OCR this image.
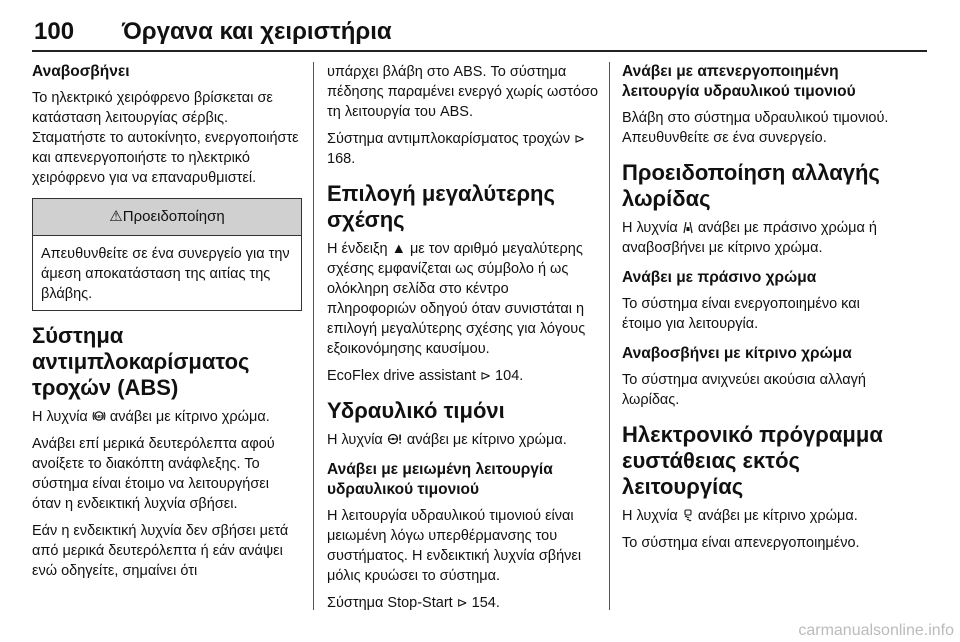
100 Όργανα και χειριστήρια
Αναβοσβήνει

Το ηλεκτρικό χειρόφρενο βρίσκεται σε κατάσταση λειτουργίας σέρβις. Σταματήστε το αυτοκίνητο, ενεργοποιήστε και απενεργοποιήστε το ηλεκτρικό χειρόφρενο για να επαναρυθμιστεί.

⚠Προειδοποίηση
Απευθυνθείτε σε ένα συνεργείο για την άμεση αποκατάσταση της αιτίας της βλάβης.
Σύστημα αντιμπλοκαρίσματος τροχών (ABS)

Η λυχνία ABS ανάβει με κίτρινο χρώμα.

Ανάβει επί μερικά δευτερόλεπτα αφού ανοίξετε το διακόπτη ανάφλεξης. Το σύστημα είναι έτοιμο να λειτουργήσει όταν η ενδεικτική λυχνία σβήσει.

Εάν η ενδεικτική λυχνία δεν σβήσει μετά από μερικά δευτερόλεπτα ή εάν ανάψει ενώ οδηγείτε, σημαίνει ότι

υπάρχει βλάβη στο ABS. Το σύστημα πέδησης παραμένει ενεργό χωρίς ωστόσο τη λειτουργία του ABS.

Σύστημα αντιμπλοκαρίσματος τροχών ⊳ 168.

Επιλογή μεγαλύτερης σχέσης

Η ένδειξη ▲ με τον αριθμό μεγαλύτερης σχέσης εμφανίζεται ως σύμβολο ή ως ολόκληρη σελίδα στο κέντρο πληροφοριών οδηγού όταν συνιστάται η επιλογή μεγαλύτερης σχέσης για λόγους εξοικονόμησης καυσίμου.

EcoFlex drive assistant ⊳ 104.

Υδραυλικό τιμόνι

Η λυχνία  ανάβει με κίτρινο χρώμα.

Ανάβει με μειωμένη λειτουργία υδραυλικού τιμονιού

Η λειτουργία υδραυλικού τιμονιού είναι μειωμένη λόγω υπερθέρμανσης του συστήματος. Η ενδεικτική λυχνία σβήνει μόλις κρυώσει το σύστημα.

Σύστημα Stop-Start ⊳ 154.

Ανάβει με απενεργοποιημένη λειτουργία υδραυλικού τιμονιού

Βλάβη στο σύστημα υδραυλικού τιμονιού. Απευθυνθείτε σε ένα συνεργείο.

Προειδοποίηση αλλαγής λωρίδας

Η λυχνία  ανάβει με πράσινο χρώμα ή αναβοσβήνει με κίτρινο χρώμα.

Ανάβει με πράσινο χρώμα

Το σύστημα είναι ενεργοποιημένο και έτοιμο για λειτουργία.

Αναβοσβήνει με κίτρινο χρώμα

Το σύστημα ανιχνεύει ακούσια αλλαγή λωρίδας.

Ηλεκτρονικό πρόγραμμα ευστάθειας εκτός λειτουργίας

Η λυχνία  ανάβει με κίτρινο χρώμα.

Το σύστημα είναι απενεργοποιημένο.

carmanualsonline.info
